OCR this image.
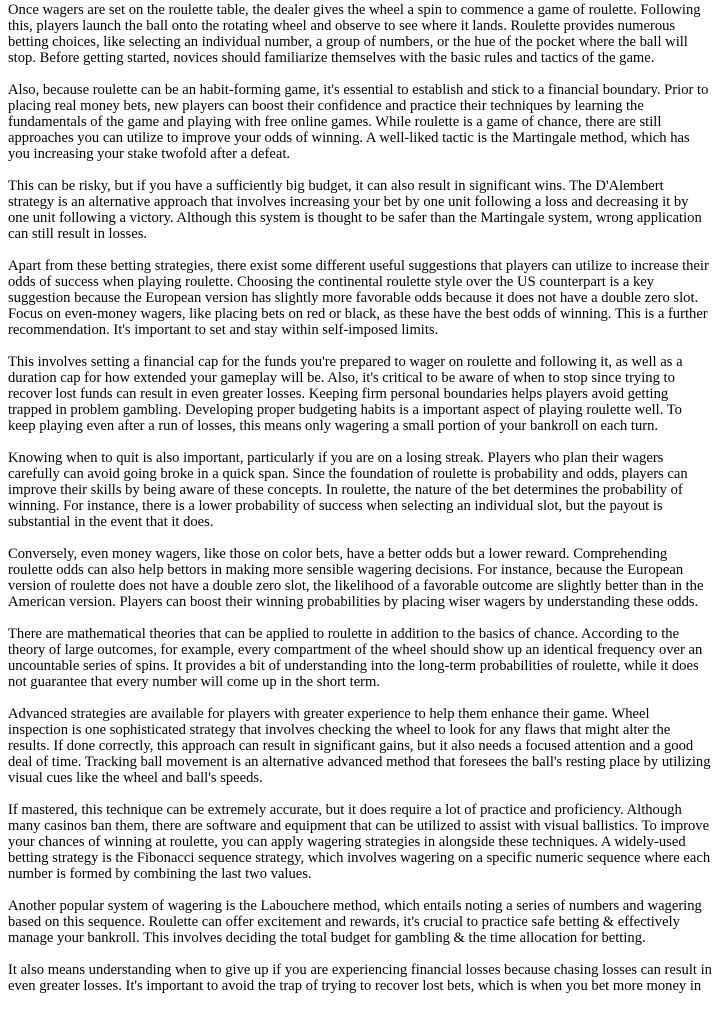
Once wagers are set on the roulette table, the dealer gives the wheel a spin to commence a game of roulette. Following this, players launch the ball onto the rotating wheel and observe to see where it lands. Roulette provides numerous betting choices, like selecting an individual number, a group of numbers, or the hue of the pocket where the ball will stop. Before getting started, novices should familiarize themselves with the basic rules and tactics of the game.

Also, because roulette can be an habit-forming game, it's essential to establish and stick to a financial boundary. Prior to placing real money bets, new players can boost their confidence and practice their techniques by learning the fundamentals of the game and playing with free online games. While roulette is a game of chance, there are still approaches you can utilize to improve your odds of winning. A well-liked tactic is the Martingale method, which has you increasing your stake twofold after a defeat.

This can be risky, but if you have a sufficiently big budget, it can also result in significant wins. The D'Alembert strategy is an alternative approach that involves increasing your bet by one unit following a loss and decreasing it by one unit following a victory. Although this system is thought to be safer than the Martingale system, wrong application can still result in losses.

Apart from these betting strategies, there exist some different useful suggestions that players can utilize to increase their odds of success when playing roulette. Choosing the continental roulette style over the US counterpart is a key suggestion because the European version has slightly more favorable odds because it does not have a double zero slot. Focus on even-money wagers, like placing bets on red or black, as these have the best odds of winning. This is a further recommendation. It's important to set and stay within self-imposed limits.

This involves setting a financial cap for the funds you're prepared to wager on roulette and following it, as well as a duration cap for how extended your gameplay will be. Also, it's critical to be aware of when to stop since trying to recover lost funds can result in even greater losses. Keeping firm personal boundaries helps players avoid getting trapped in problem gambling. Developing proper budgeting habits is a important aspect of playing roulette well. To keep playing even after a run of losses, this means only wagering a small portion of your bankroll on each turn.

Knowing when to quit is also important, particularly if you are on a losing streak. Players who plan their wagers carefully can avoid going broke in a quick span. Since the foundation of roulette is probability and odds, players can improve their skills by being aware of these concepts. In roulette, the nature of the bet determines the probability of winning. For instance, there is a lower probability of success when selecting an individual slot, but the payout is substantial in the event that it does.

Conversely, even money wagers, like those on color bets, have a better odds but a lower reward. Comprehending roulette odds can also help bettors in making more sensible wagering decisions. For instance, because the European version of roulette does not have a double zero slot, the likelihood of a favorable outcome are slightly better than in the American version. Players can boost their winning probabilities by placing wiser wagers by understanding these odds.

There are mathematical theories that can be applied to roulette in addition to the basics of chance. According to the theory of large outcomes, for example, every compartment of the wheel should show up an identical frequency over an uncountable series of spins. It provides a bit of understanding into the long-term probabilities of roulette, while it does not guarantee that every number will come up in the short term.

Advanced strategies are available for players with greater experience to help them enhance their game. Wheel inspection is one sophisticated strategy that involves checking the wheel to look for any flaws that might alter the results. If done correctly, this approach can result in significant gains, but it also needs a focused attention and a good deal of time. Tracking ball movement is an alternative advanced method that foresees the ball's resting place by utilizing visual cues like the wheel and ball's speeds.

If mastered, this technique can be extremely accurate, but it does require a lot of practice and proficiency. Although many casinos ban them, there are software and equipment that can be utilized to assist with visual ballistics. To improve your chances of winning at roulette, you can apply wagering strategies in alongside these techniques. A widely-used betting strategy is the Fibonacci sequence strategy, which involves wagering on a specific numeric sequence where each number is formed by combining the last two values.

Another popular system of wagering is the Labouchere method, which entails noting a series of numbers and wagering based on this sequence. Roulette can offer excitement and rewards, it's crucial to practice safe betting & effectively manage your bankroll. This involves deciding the total budget for gambling & the time allocation for betting.

It also means understanding when to give up if you are experiencing financial losses because chasing losses can result in even greater losses. It's important to avoid the trap of trying to recover lost bets, which is when you bet more money in
